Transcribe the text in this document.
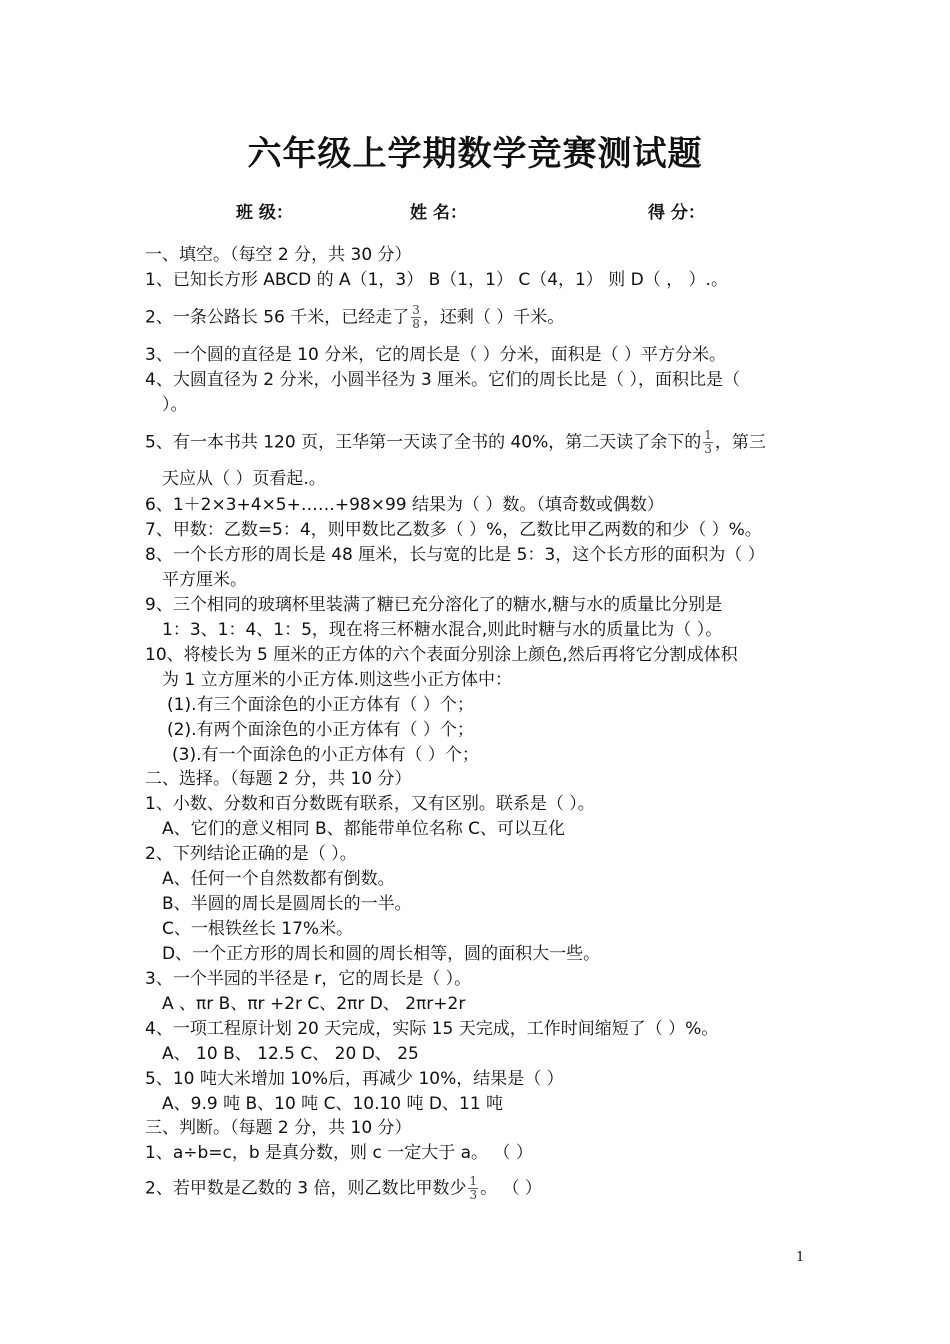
六年级上学期数学竞赛测试题
班 级：	姓 名：	得 分：
一、填空。（每空 2 分，共 30 分）
1、已知长方形 ABCD 的 A（1，3） B（1，1） C（4，1） 则 D（ ， ）.。
2、一条公路长 56 千米，已经走了 $\frac{3}{8}$ ，还剩（ ）千米。
3、一个圆的直径是 10 分米，它的周长是（ ）分米，面积是（ ）平方分米。
4、大圆直径为 2 分米，小圆半径为 3 厘米。它们的周长比是（ ），面积比是（
）。
5、有一本书共 120 页，王华第一天读了全书的 40%，第二天读了余下的 $\frac{1}{3}$ ，第三
天应从（ ）页看起.。
6、1＋2×3+4×5+……+98×99 结果为（ ）数。（填奇数或偶数）
7、甲数：乙数=5：4，则甲数比乙数多（ ）%，乙数比甲乙两数的和少（ ）%。
8、一个长方形的周长是 48 厘米，长与宽的比是 5：3，这个长方形的面积为（ ）
平方厘米。
9、三个相同的玻璃杯里装满了糖已充分溶化了的糖水,糖与水的质量比分别是
1：3、1：4、1：5，现在将三杯糖水混合,则此时糖与水的质量比为（ ）。
10、将棱长为 5 厘米的正方体的六个表面分别涂上颜色,然后再将它分割成体积
为 1 立方厘米的小正方体.则这些小正方体中：
(1).有三个面涂色的小正方体有（ ）个；
(2).有两个面涂色的小正方体有（ ）个；
(3).有一个面涂色的小正方体有（ ）个；
二、选择。（每题 2 分，共 10 分）
1、小数、分数和百分数既有联系，又有区别。联系是（ ）。
A、它们的意义相同 B、都能带单位名称 C、可以互化
2、下列结论正确的是（ ）。
A、任何一个自然数都有倒数。
B、半圆的周长是圆周长的一半。
C、一根铁丝长 17%米。
D、一个正方形的周长和圆的周长相等，圆的面积大一些。
3、一个半园的半径是 r，它的周长是（ ）。
A 、πr B、πr +2r C、2πr D、 2πr+2r
4、一项工程原计划 20 天完成，实际 15 天完成，工作时间缩短了（ ）%。
A、 10 B、 12.5 C、 20 D、 25
5、10 吨大米增加 10%后，再减少 10%，结果是（ ）
A、9.9 吨 B、10 吨 C、10.10 吨 D、11 吨
三、判断。（每题 2 分，共 10 分）
1、a÷b=c，b 是真分数，则 c 一定大于 a。 （ ）
2、若甲数是乙数的 3 倍，则乙数比甲数少 $\frac{1}{3}$ 。 （ ）
1
